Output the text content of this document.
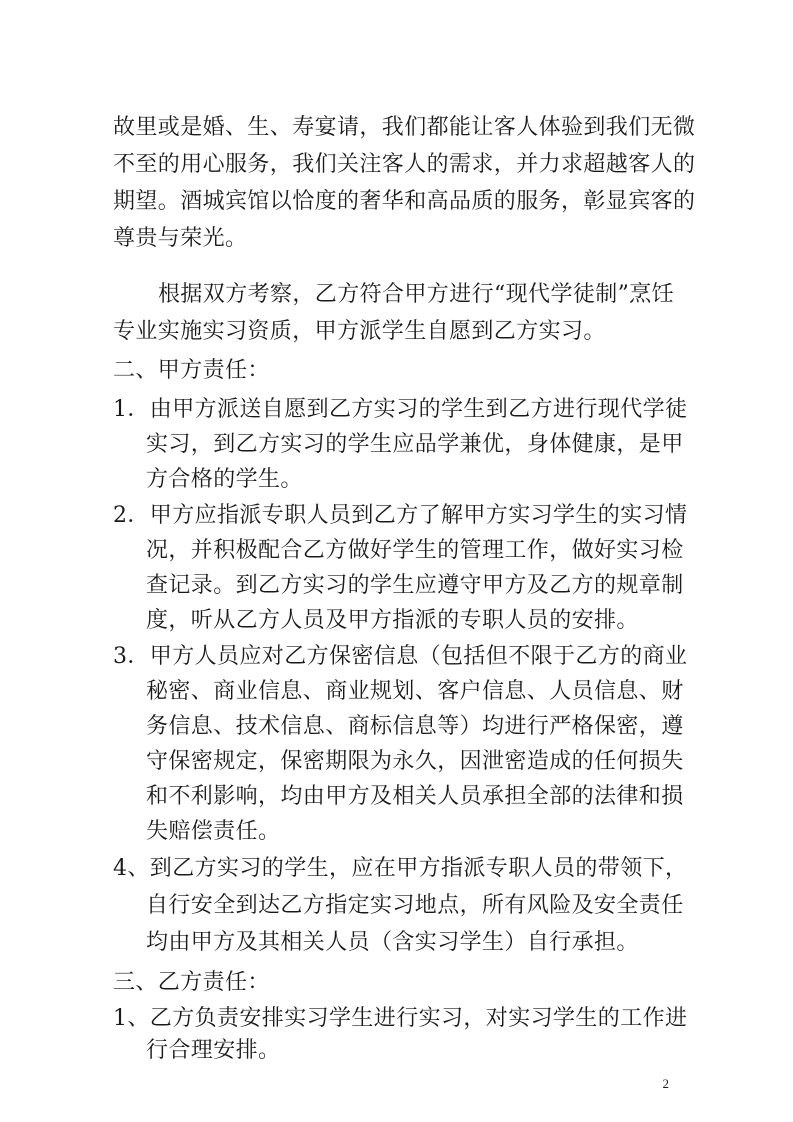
故里或是婚、生、寿宴请，我们都能让客人体验到我们无微
不至的用心服务，我们关注客人的需求，并力求超越客人的
期望。酒城宾馆以恰度的奢华和高品质的服务，彰显宾客的
尊贵与荣光。
根据双方考察，乙方符合甲方进行“现代学徒制”烹饪
专业实施实习资质，甲方派学生自愿到乙方实习。
二、甲方责任：
1．由甲方派送自愿到乙方实习的学生到乙方进行现代学徒
实习，到乙方实习的学生应品学兼优，身体健康，是甲
方合格的学生。
2．甲方应指派专职人员到乙方了解甲方实习学生的实习情
况，并积极配合乙方做好学生的管理工作，做好实习检
查记录。到乙方实习的学生应遵守甲方及乙方的规章制
度，听从乙方人员及甲方指派的专职人员的安排。
3．甲方人员应对乙方保密信息（包括但不限于乙方的商业
秘密、商业信息、商业规划、客户信息、人员信息、财
务信息、技术信息、商标信息等）均进行严格保密，遵
守保密规定，保密期限为永久，因泄密造成的任何损失
和不利影响，均由甲方及相关人员承担全部的法律和损
失赔偿责任。
4、到乙方实习的学生，应在甲方指派专职人员的带领下，
自行安全到达乙方指定实习地点，所有风险及安全责任
均由甲方及其相关人员（含实习学生）自行承担。
三、乙方责任：
1、乙方负责安排实习学生进行实习，对实习学生的工作进
2
行合理安排。
